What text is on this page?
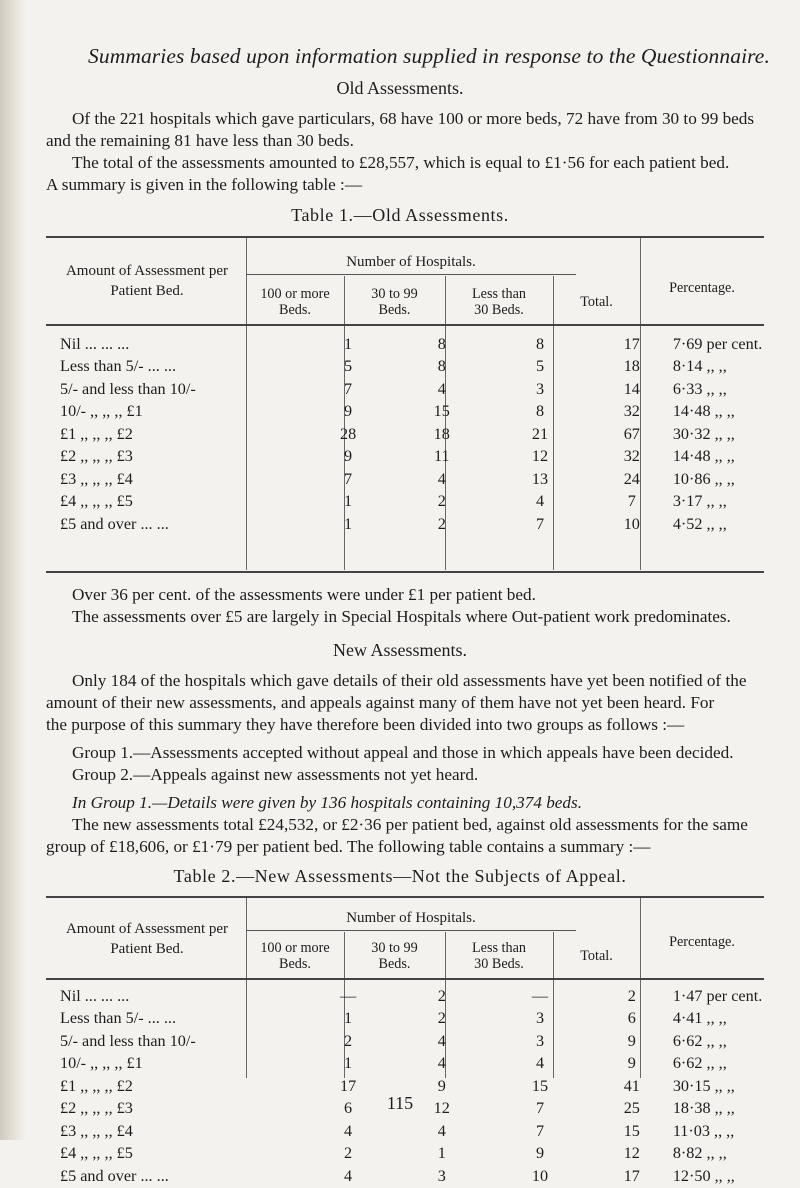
Summaries based upon information supplied in response to the Questionnaire.
Old Assessments.
Of the 221 hospitals which gave particulars, 68 have 100 or more beds, 72 have from 30 to 99 beds
and the remaining 81 have less than 30 beds.
The total of the assessments amounted to £28,557, which is equal to £1·56 for each patient bed.
A summary is given in the following table :—
Table 1.—Old Assessments.
Number of Hospitals.
Amount of Assessment per
Patient Bed.	100 or more
Beds.
30 to 99
Beds.
Less than
30 Beds.	Total.
Percentage.
Nil ... ... ...	1	8	8	17	7·69 per cent.
Less than 5/- ... ...	5	8	5	18	8·14 ,, ,,
5/- and less than 10/-	7	4	3	14	6·33 ,, ,,
10/- ,, ,, ,, £1	9	15	8	32	14·48 ,, ,,
£1 ,, ,, ,, £2	28	18	21	67	30·32 ,, ,,
£2 ,, ,, ,, £3	9	11	12	32	14·48 ,, ,,
£3 ,, ,, ,, £4	7	4	13	24	10·86 ,, ,,
£4 ,, ,, ,, £5	1	2	4	7	3·17 ,, ,,
£5 and over ... ...	1	2	7	10	4·52 ,, ,,
Over 36 per cent. of the assessments were under £1 per patient bed.
The assessments over £5 are largely in Special Hospitals where Out-patient work predominates.
New Assessments.
Only 184 of the hospitals which gave details of their old assessments have yet been notified of the
amount of their new assessments, and appeals against many of them have not yet been heard. For
the purpose of this summary they have therefore been divided into two groups as follows :—
Group 1.—Assessments accepted without appeal and those in which appeals have been decided.
Group 2.—Appeals against new assessments not yet heard.
In Group 1.—Details were given by 136 hospitals containing 10,374 beds.
The new assessments total £24,532, or £2·36 per patient bed, against old assessments for the same
group of £18,606, or £1·79 per patient bed. The following table contains a summary :—
Table 2.—New Assessments—Not the Subjects of Appeal.
Number of Hospitals.
Amount of Assessment per
Patient Bed.	100 or more
Beds.
30 to 99
Beds.
Less than
30 Beds.	Total.
Percentage.
Nil ... ... ...	—	2	—	2	1·47 per cent.
Less than 5/- ... ...	1	2	3	6	4·41 ,, ,,
5/- and less than 10/-	2	4	3	9	6·62 ,, ,,
10/- ,, ,, ,, £1	1	4	4	9	6·62 ,, ,,
£1 ,, ,, ,, £2	17	9	15	41	30·15 ,, ,,
£2 ,, ,, ,, £3	6	12	7	25	18·38 ,, ,,
£3 ,, ,, ,, £4	4	4	7	15	11·03 ,, ,,
£4 ,, ,, ,, £5	2	1	9	12	8·82 ,, ,,
£5 and over ... ...	4	3	10	17	12·50 ,, ,,
115
